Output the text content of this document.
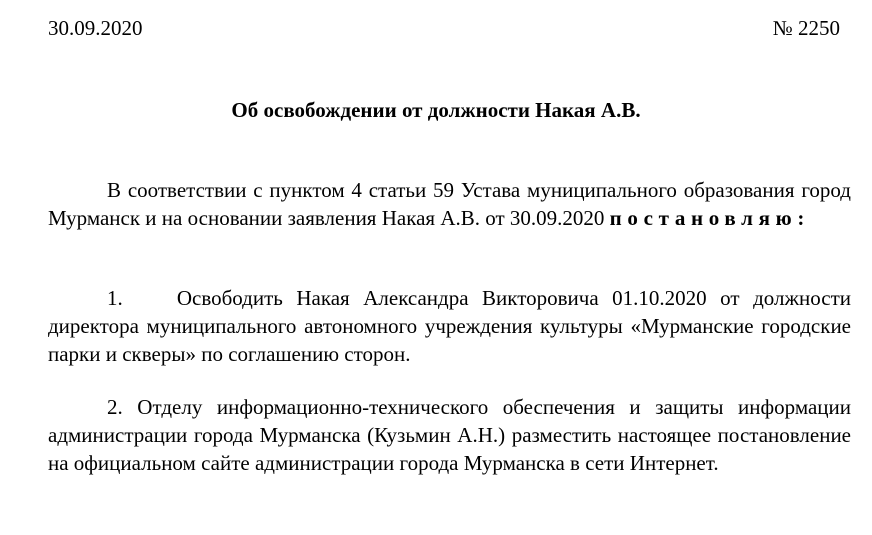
30.09.2020	№ 2250
Об освобождении от должности Накая А.В.

В соответствии с пунктом 4 статьи 59 Устава муниципального образования город Мурманск и на основании заявления Накая А.В. от 30.09.2020 постановляю:

1.	Освободить Накая Александра Викторовича 01.10.2020 от должности директора муниципального автономного учреждения культуры «Мурманские городские парки и скверы» по соглашению сторон.

2. Отделу информационно-технического обеспечения и защиты информации администрации города Мурманска (Кузьмин А.Н.) разместить настоящее постановление на официальном сайте администрации города Мурманска в сети Интернет.
